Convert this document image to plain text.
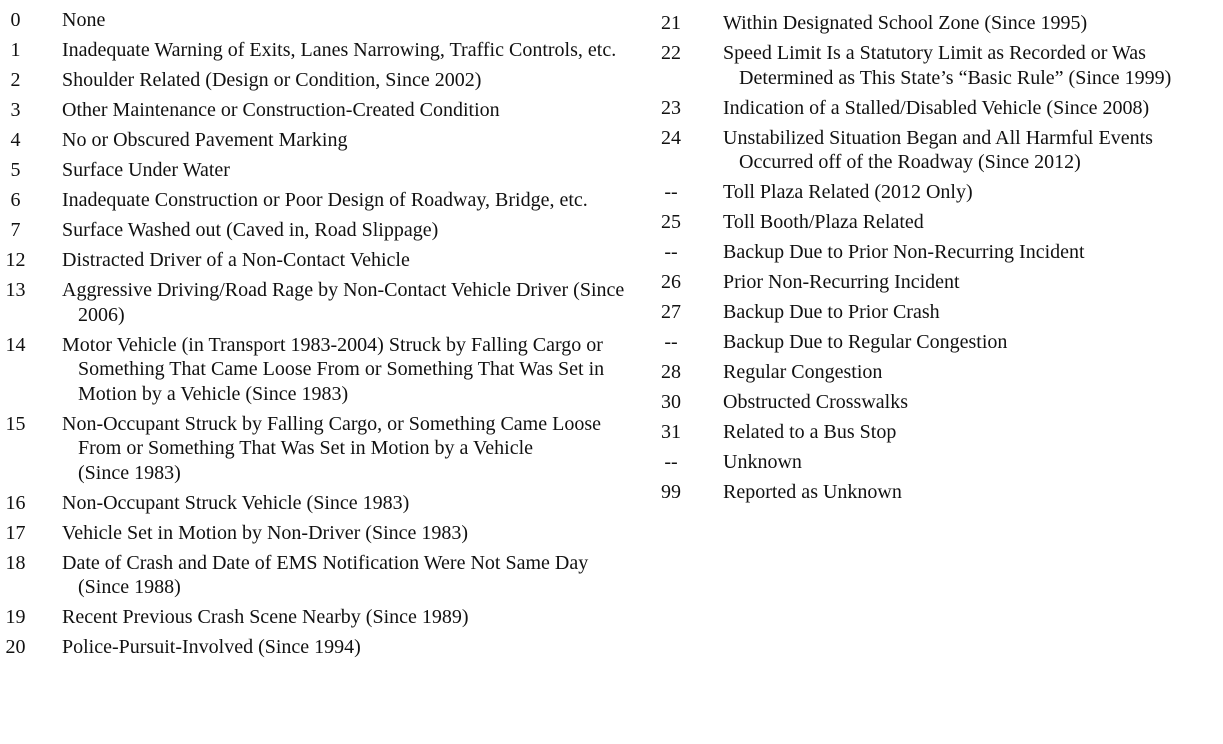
0	None
1	Inadequate Warning of Exits, Lanes Narrowing, Traffic Controls, etc.
2	Shoulder Related (Design or Condition, Since 2002)
3	Other Maintenance or Construction-Created Condition
4	No or Obscured Pavement Marking
5	Surface Under Water
6	Inadequate Construction or Poor Design of Roadway, Bridge, etc.
7	Surface Washed out (Caved in, Road Slippage)
12 Distracted Driver of a Non-Contact Vehicle
13 Aggressive Driving/Road Rage by Non-Contact Vehicle Driver (Since 2006)
14 Motor Vehicle (in Transport 1983-2004) Struck by Falling Cargo or Something That Came Loose From or Something That Was Set in Motion by a Vehicle (Since 1983)
15 Non-Occupant Struck by Falling Cargo, or Something Came Loose From or Something That Was Set in Motion by a Vehicle
(Since 1983)
16 Non-Occupant Struck Vehicle (Since 1983)
17 Vehicle Set in Motion by Non-Driver (Since 1983)
18 Date of Crash and Date of EMS Notification Were Not Same Day (Since 1988)
19 Recent Previous Crash Scene Nearby (Since 1989)
20 Police-Pursuit-Involved (Since 1994)
21	Within Designated School Zone (Since 1995)
22	Speed Limit Is a Statutory Limit as Recorded or Was Determined as This State’s “Basic Rule” (Since 1999)
23	Indication of a Stalled/Disabled Vehicle (Since 2008)
24	Unstabilized Situation Began and All Harmful Events Occurred off of the Roadway (Since 2012)
--	Toll Plaza Related (2012 Only)
25	Toll Booth/Plaza Related
--	Backup Due to Prior Non-Recurring Incident
26	Prior Non-Recurring Incident
27	Backup Due to Prior Crash
--	Backup Due to Regular Congestion
28	Regular Congestion
30	Obstructed Crosswalks
31	Related to a Bus Stop
--	Unknown
99	Reported as Unknown
